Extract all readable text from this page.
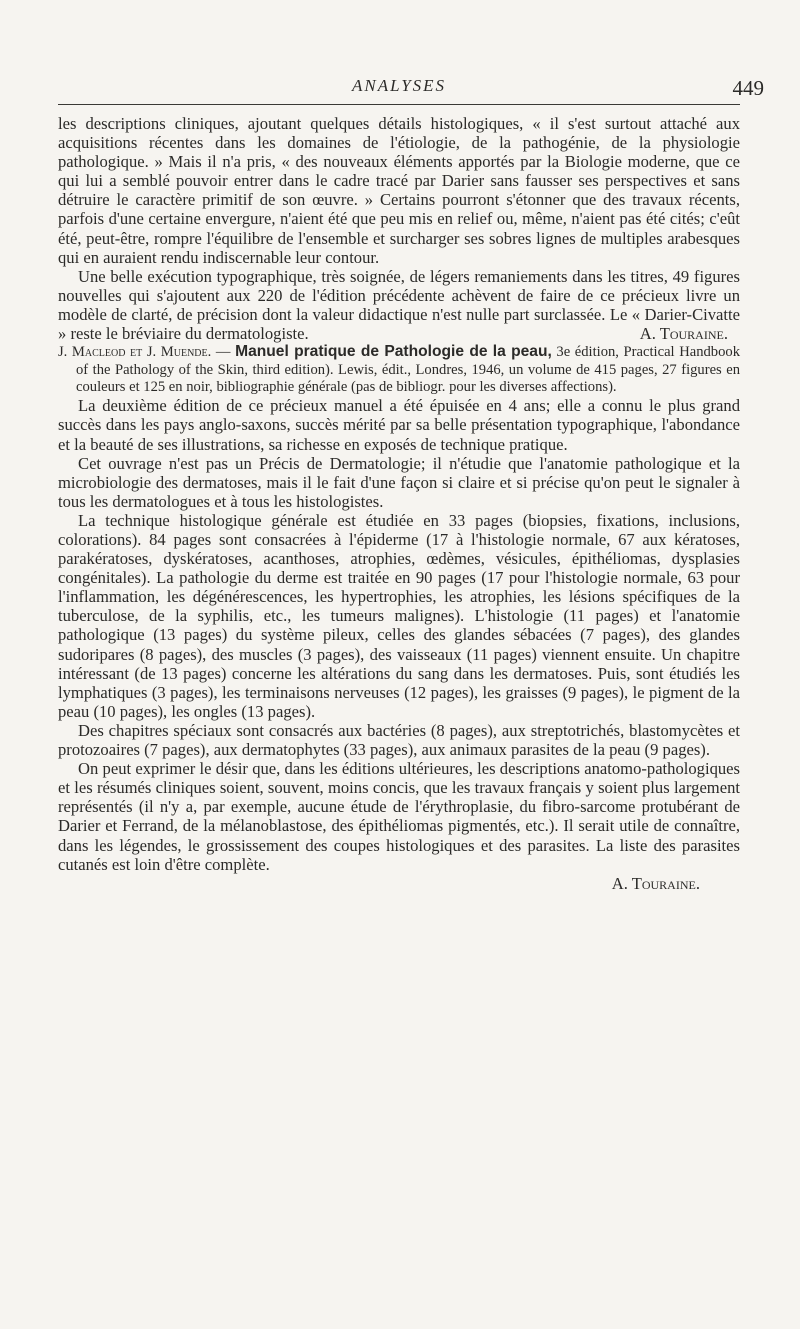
ANALYSES	449

les descriptions cliniques, ajoutant quelques détails histologiques, « il s'est surtout attaché aux acquisitions récentes dans les domaines de l'étiologie, de la pathogénie, de la physiologie pathologique. » Mais il n'a pris, « des nouveaux éléments apportés par la Biologie moderne, que ce qui lui a semblé pouvoir entrer dans le cadre tracé par Darier sans fausser ses perspectives et sans détruire le caractère primitif de son œuvre. » Certains pourront s'étonner que des travaux récents, parfois d'une certaine envergure, n'aient été que peu mis en relief ou, même, n'aient pas été cités; c'eût été, peut-être, rompre l'équilibre de l'ensemble et surcharger ses sobres lignes de multiples arabesques qui en auraient rendu indiscernable leur contour.

Une belle exécution typographique, très soignée, de légers remaniements dans les titres, 49 figures nouvelles qui s'ajoutent aux 220 de l'édition précédente achèvent de faire de ce précieux livre un modèle de clarté, de précision dont la valeur didactique n'est nulle part surclassée. Le « Darier-Civatte » reste le bréviaire du dermatologiste.	A. Touraine.

J. Macleod et J. Muende. — Manuel pratique de Pathologie de la peau, 3e édition, Practical Handbook of the Pathology of the Skin, third edition). Lewis, édit., Londres, 1946, un volume de 415 pages, 27 figures en couleurs et 125 en noir, bibliographie générale (pas de bibliogr. pour les diverses affections).

La deuxième édition de ce précieux manuel a été épuisée en 4 ans; elle a connu le plus grand succès dans les pays anglo-saxons, succès mérité par sa belle présentation typographique, l'abondance et la beauté de ses illustrations, sa richesse en exposés de technique pratique.

Cet ouvrage n'est pas un Précis de Dermatologie; il n'étudie que l'anatomie pathologique et la microbiologie des dermatoses, mais il le fait d'une façon si claire et si précise qu'on peut le signaler à tous les dermatologues et à tous les histologistes.

La technique histologique générale est étudiée en 33 pages (biopsies, fixations, inclusions, colorations). 84 pages sont consacrées à l'épiderme (17 à l'histologie normale, 67 aux kératoses, parakératoses, dyskératoses, acanthoses, atrophies, œdèmes, vésicules, épithéliomas, dysplasies congénitales). La pathologie du derme est traitée en 90 pages (17 pour l'histologie normale, 63 pour l'inflammation, les dégénérescences, les hypertrophies, les atrophies, les lésions spécifiques de la tuberculose, de la syphilis, etc., les tumeurs malignes). L'histologie (11 pages) et l'anatomie pathologique (13 pages) du système pileux, celles des glandes sébacées (7 pages), des glandes sudoripares (8 pages), des muscles (3 pages), des vaisseaux (11 pages) viennent ensuite. Un chapitre intéressant (de 13 pages) concerne les altérations du sang dans les dermatoses. Puis, sont étudiés les lymphatiques (3 pages), les terminaisons nerveuses (12 pages), les graisses (9 pages), le pigment de la peau (10 pages), les ongles (13 pages).

Des chapitres spéciaux sont consacrés aux bactéries (8 pages), aux streptotrichés, blastomycètes et protozoaires (7 pages), aux dermatophytes (33 pages), aux animaux parasites de la peau (9 pages).

On peut exprimer le désir que, dans les éditions ultérieures, les descriptions anatomo-pathologiques et les résumés cliniques soient, souvent, moins concis, que les travaux français y soient plus largement représentés (il n'y a, par exemple, aucune étude de l'érythroplasie, du fibro-sarcome protubérant de Darier et Ferrand, de la mélanoblastose, des épithéliomas pigmentés, etc.). Il serait utile de connaître, dans les légendes, le grossissement des coupes histologiques et des parasites. La liste des parasites cutanés est loin d'être complète.

A. Touraine.
